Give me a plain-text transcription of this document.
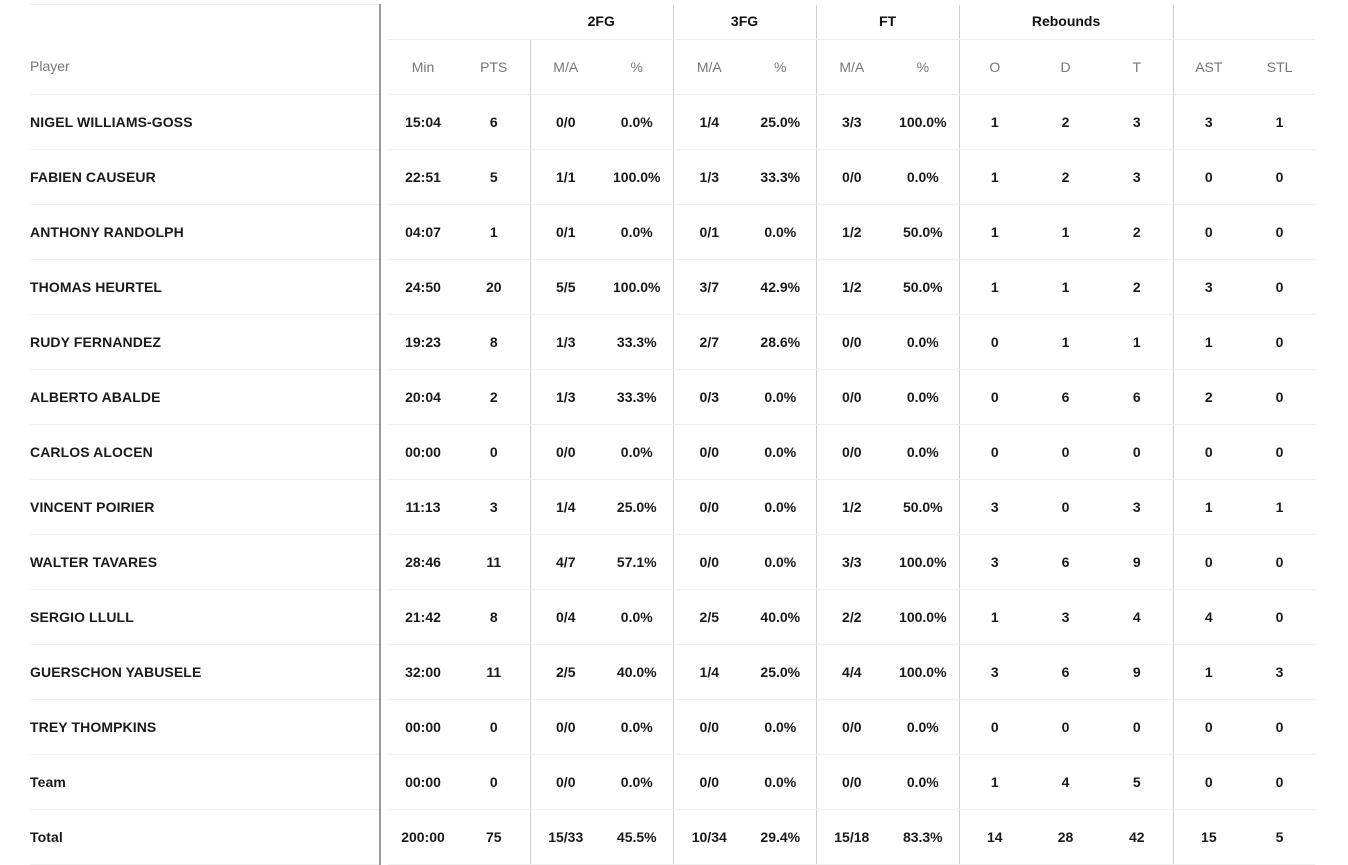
				2FG		3FG		FT		Rebounds				
Player		Min	PTS	M/A	%	M/A	%	M/A	%	O	D	T	AST	STL
NIGEL WILLIAMS-GOSS		15:04	6	0/0	0.0%	1/4	25.0%	3/3	100.0%	1	2	3	3	1
FABIEN CAUSEUR		22:51	5	1/1	100.0%	1/3	33.3%	0/0	0.0%	1	2	3	0	0
ANTHONY RANDOLPH		04:07	1	0/1	0.0%	0/1	0.0%	1/2	50.0%	1	1	2	0	0
THOMAS HEURTEL		24:50	20	5/5	100.0%	3/7	42.9%	1/2	50.0%	1	1	2	3	0
RUDY FERNANDEZ		19:23	8	1/3	33.3%	2/7	28.6%	0/0	0.0%	0	1	1	1	0
ALBERTO ABALDE		20:04	2	1/3	33.3%	0/3	0.0%	0/0	0.0%	0	6	6	2	0
CARLOS ALOCEN		00:00	0	0/0	0.0%	0/0	0.0%	0/0	0.0%	0	0	0	0	0
VINCENT POIRIER		11:13	3	1/4	25.0%	0/0	0.0%	1/2	50.0%	3	0	3	1	1
WALTER TAVARES		28:46	11	4/7	57.1%	0/0	0.0%	3/3	100.0%	3	6	9	0	0
SERGIO LLULL		21:42	8	0/4	0.0%	2/5	40.0%	2/2	100.0%	1	3	4	4	0
GUERSCHON YABUSELE		32:00	11	2/5	40.0%	1/4	25.0%	4/4	100.0%	3	6	9	1	3
TREY THOMPKINS		00:00	0	0/0	0.0%	0/0	0.0%	0/0	0.0%	0	0	0	0	0
Team		00:00	0	0/0	0.0%	0/0	0.0%	0/0	0.0%	1	4	5	0	0
Total		200:00	75	15/33	45.5%	10/34	29.4%	15/18	83.3%	14	28	42	15	5
